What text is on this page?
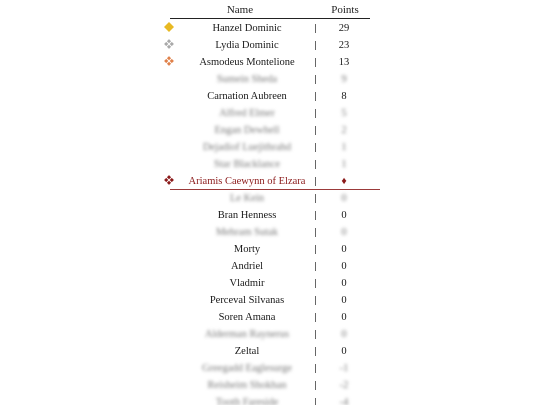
Name	Points
Hanzel Dominic	29
Lydia Dominic	23
Asmodeus Montelione	13
Sumein Sheda	9
Carnation Aubreen	8
Alfred Elmer	5
Engan Dewhell	2
Dejadiof Luejithrahd	1
Star Blacklance	1
Ariamis Caewynn of Elzara	♦
Le Kein	0
Bran Henness	0
Mehram Sutak	0
Morty	0
Andriel	0
Vladmir	0
Perceval Silvanas	0
Soren Amana	0
Alderman Raynerus	0
Zeltal	0
Greegadd Eaglesurge	-1
Reisheim Shokhan	-2
Tooth Fareside	-4
